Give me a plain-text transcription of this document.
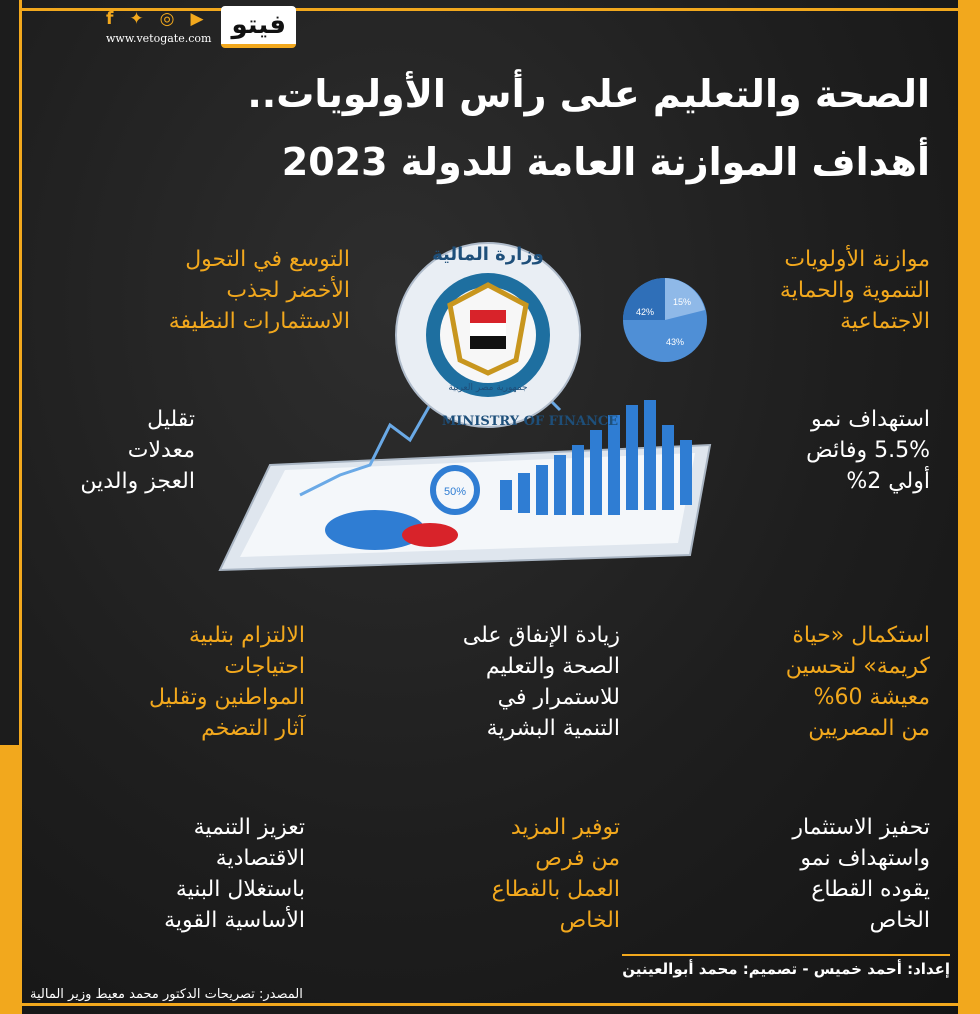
f ✦ ◎ ▶
www.vetogate.com فيتو
الصحة والتعليم على رأس الأولويات..
أهداف الموازنة العامة للدولة 2023
50%
وزارة المالية
MINISTRY OF FINANCE
جمهورية مصر العربية
15%
42%
43%
موازنة الأولويات
التنموية والحماية
الاجتماعية
التوسع في التحول
الأخضر لجذب
الاستثمارات النظيفة
استهداف نمو
5.5% وفائض
أولي 2%
تقليل
معدلات
العجز والدين
استكمال «حياة
كريمة» لتحسين
معيشة 60%
من المصريين
زيادة الإنفاق على
الصحة والتعليم
للاستمرار في
التنمية البشرية
الالتزام بتلبية
احتياجات
المواطنين وتقليل
آثار التضخم
تحفيز الاستثمار
واستهداف نمو
يقوده القطاع
الخاص
توفير المزيد
من فرص
العمل بالقطاع
الخاص
تعزيز التنمية
الاقتصادية
باستغلال البنية
الأساسية القوية
إعداد: أحمد خميس - تصميم: محمد أبوالعينين
المصدر: تصريحات الدكتور محمد معيط وزير المالية
